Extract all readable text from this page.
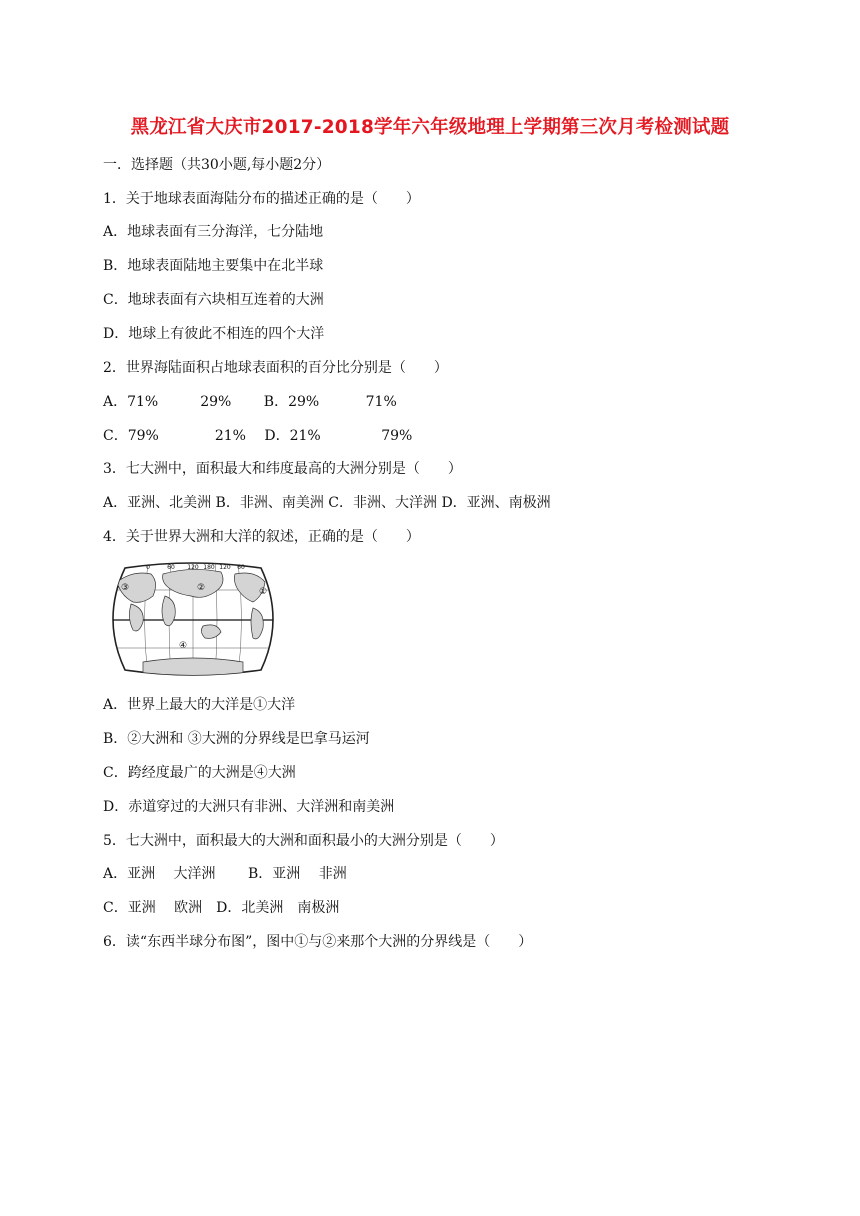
黑龙江省大庆市2017-2018学年六年级地理上学期第三次月考检测试题
一．选择题（共30小题,每小题2分）
1．关于地球表面海陆分布的描述正确的是（　　）
A．地球表面有三分海洋，七分陆地
B．地球表面陆地主要集中在北半球
C．地球表面有六块相互连着的大洲
D．地球上有彼此不相连的四个大洋
2．世界海陆面积占地球表面积的百分比分别是（　　）
A．71%　　　29%　　 B．29%　　　 71%
C．79%　　　　21%　 D．21%　　　　 79%
3．七大洲中，面积最大和纬度最高的大洲分别是（　　）
A．亚洲、北美洲 B．非洲、南美洲 C．非洲、大洋洲 D．亚洲、南极洲
4．关于世界大洲和大洋的叙述，正确的是（　　）
0	60 120 180 120 60
①
②
③
④
A．世界上最大的大洋是①大洋
B．②大洲和 ③大洲的分界线是巴拿马运河
C．跨经度最广的大洲是④大洲
D．赤道穿过的大洲只有非洲、大洋洲和南美洲
5．七大洲中，面积最大的大洲和面积最小的大洲分别是（　　）
A．亚洲　 大洋洲　　 B．亚洲　 非洲
C．亚洲　 欧洲　D．北美洲　南极洲
6．读“东西半球分布图”，图中①与②来那个大洲的分界线是（　　）
